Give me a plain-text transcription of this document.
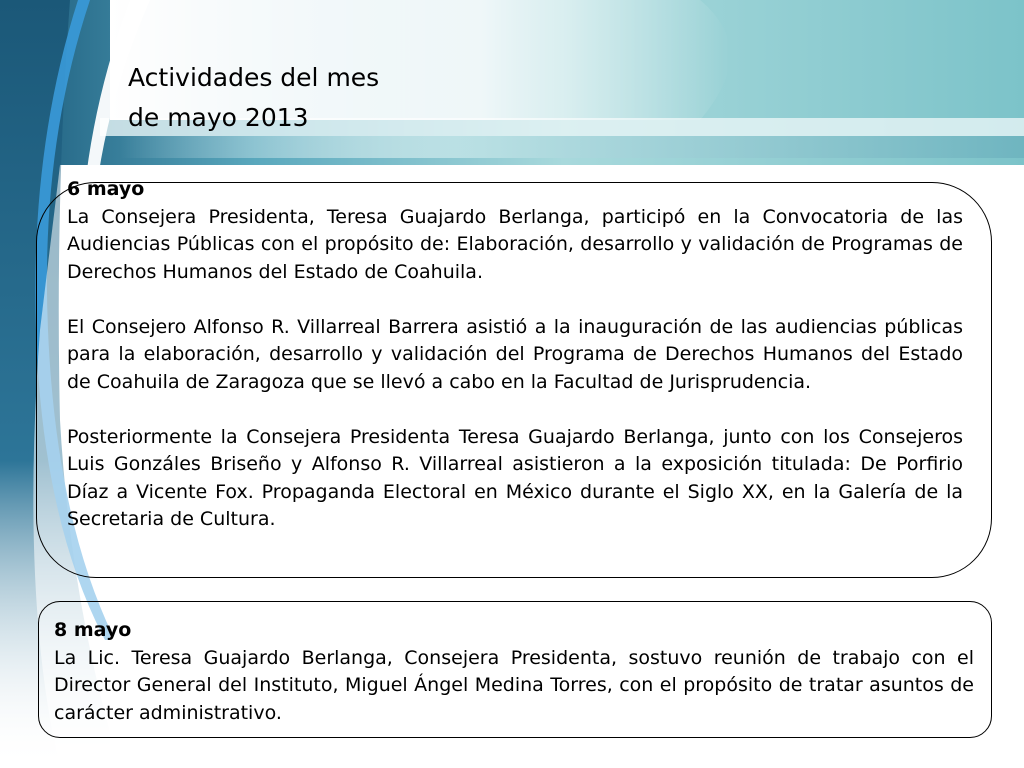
Actividades del mes
de mayo 2013
6 mayo
La Consejera Presidenta, Teresa Guajardo Berlanga, participó en la Convocatoria de las Audiencias Públicas con el propósito de: Elaboración, desarrollo y validación de Programas de Derechos Humanos del Estado de Coahuila.
El Consejero Alfonso R. Villarreal Barrera asistió a la inauguración de las audiencias públicas para la elaboración, desarrollo y validación del Programa de Derechos Humanos del Estado de Coahuila de Zaragoza que se llevó a cabo en la Facultad de Jurisprudencia.
Posteriormente la Consejera Presidenta Teresa Guajardo Berlanga, junto con los Consejeros Luis Gonzáles Briseño y Alfonso R. Villarreal asistieron a la exposición titulada: De Porfirio Díaz a Vicente Fox. Propaganda Electoral en México durante el Siglo XX, en la Galería de la Secretaria de Cultura.
8 mayo
La Lic. Teresa Guajardo Berlanga, Consejera Presidenta, sostuvo reunión de trabajo con el Director General del Instituto, Miguel Ángel Medina Torres, con el propósito de tratar asuntos de carácter administrativo.
